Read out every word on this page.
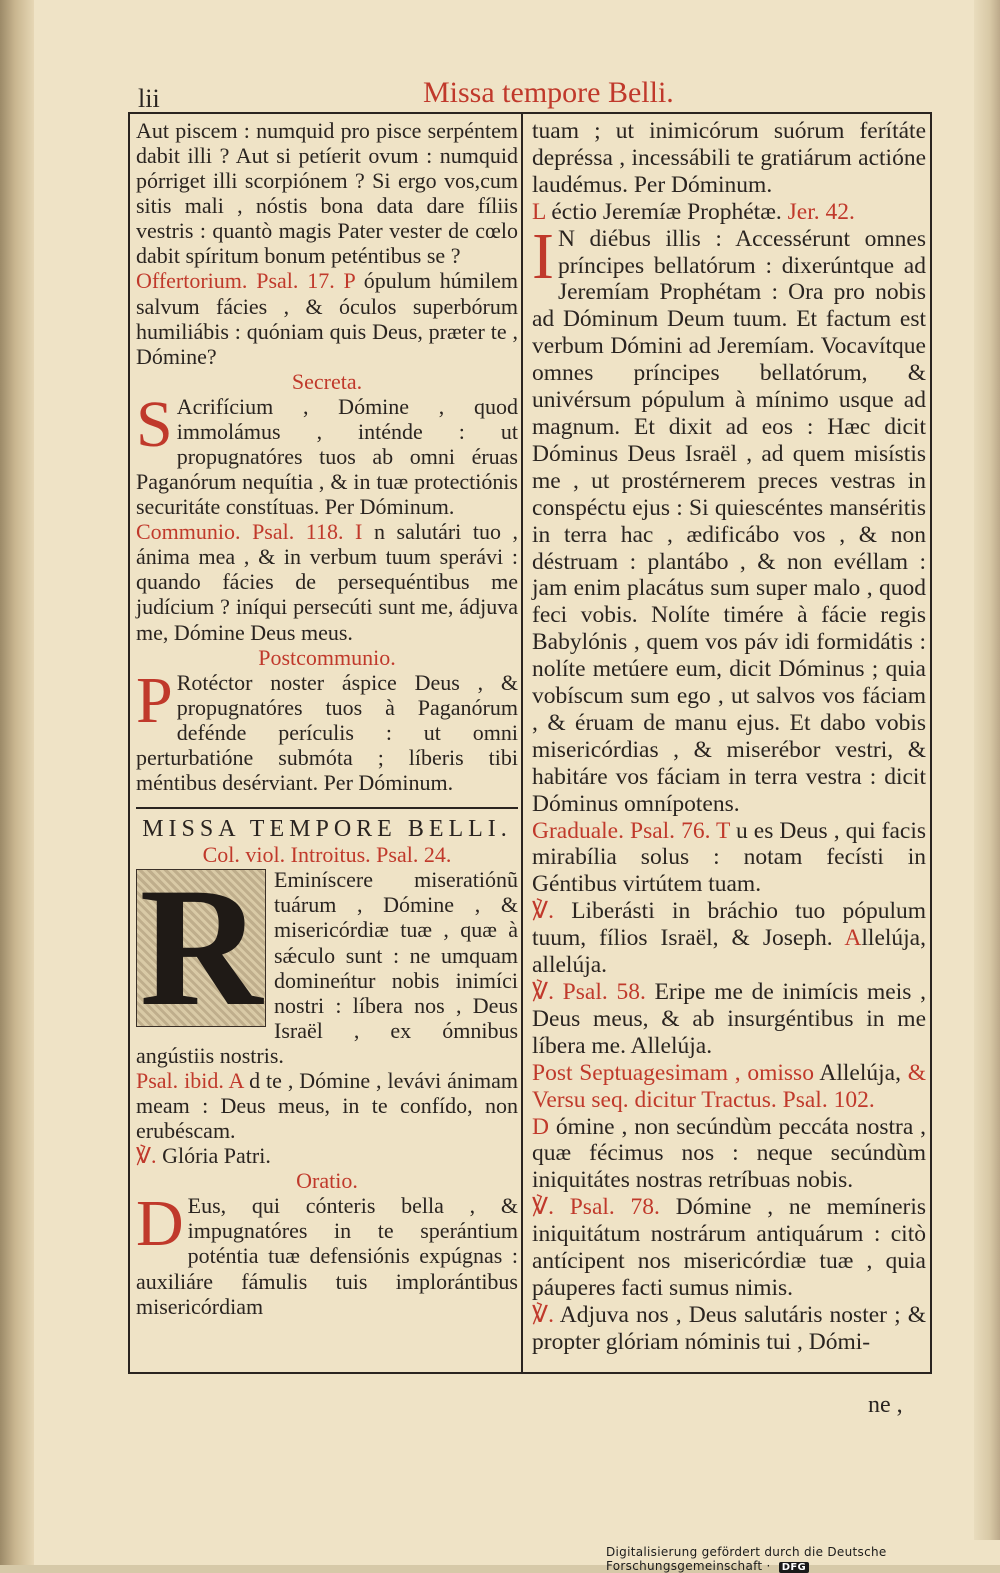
lii	Missa tempore Belli.

Aut piscem : numquid pro pisce serpéntem dabit illi ? Aut si petíerit ovum : numquid pórriget illi scorpiónem ? Si ergo vos,cum sitis mali , nóstis bona data dare fíliis vestris : quantò magis Pater vester de cœlo dabit spíritum bonum peténtibus se ?

Offertorium. Psal. 17. P ópulum húmilem salvum fácies , & óculos superbórum humiliábis : quóniam quis Deus, præter te , Dómine?

Secreta.

S Acrifícium , Dómine , quod immolámus , inténde : ut propugnatóres tuos ab omni éruas Paganórum nequítia , & in tuæ protectiónis securitáte constítuas. Per Dóminum.

Communio. Psal. 118. I n salutári tuo , ánima mea , & in verbum tuum sperávi : quando fácies de persequéntibus me judícium ? iníqui persecúti sunt me, ádjuva me, Dómine Deus meus.

Postcommunio.

P Rotéctor noster áspice Deus , & propugnatóres tuos à Paganórum defénde perículis : ut omni perturbatióne submóta ; líberis tibi méntibus desérviant. Per Dóminum.

MISSA TEMPORE BELLI.

Col. viol. Introitus. Psal. 24.

R Eminíscere miseratiónũ tuárum , Dómine , & misericórdiæ tuæ , quæ à sǽculo sunt : ne umquam domineńtur nobis inimíci nostri : líbera nos , Deus Israël , ex ómnibus angústiis nostris.

Psal. ibid. A d te , Dómine , levávi ánimam meam : Deus meus, in te confído, non erubéscam.

℣. Glória Patri.

Oratio.

D Eus, qui cónteris bella , & impugnatóres in te sperántium poténtia tuæ defensiónis expúgnas : auxiliáre fámulis tuis implorántibus misericórdiam

tuam ; ut inimicórum suórum ferítáte depréssa , incessábili te gratiárum actióne laudémus. Per Dóminum.

L éctio Jeremíæ Prophétæ. Jer. 42.

I N diébus illis : Accessérunt omnes príncipes bellatórum : dixerúntque ad Jeremíam Prophétam : Ora pro nobis ad Dóminum Deum tuum. Et factum est verbum Dómini ad Jeremíam. Vocavítque omnes príncipes bellatórum, & univérsum pópulum à mínimo usque ad magnum. Et dixit ad eos : Hæc dicit Dóminus Deus Israël , ad quem misístis me , ut prostérnerem preces vestras in conspéctu ejus : Si quiescéntes manséritis in terra hac , ædificábo vos , & non déstruam : plantábo , & non evéllam : jam enim placátus sum super malo , quod feci vobis. Nolíte timére à fácie regis Babylónis , quem vos páv idi formidátis : nolíte metúere eum, dicit Dóminus ; quia vobíscum sum ego , ut salvos vos fáciam , & éruam de manu ejus. Et dabo vobis misericórdias , & miserébor vestri, & habitáre vos fáciam in terra vestra : dicit Dóminus omnípotens.

Graduale. Psal. 76. T u es Deus , qui facis mirabília solus : notam fecísti in Géntibus virtútem tuam.

℣. Liberásti in bráchio tuo pópulum tuum, fílios Israël, & Joseph. Allelúja, allelúja.

℣. Psal. 58. Eripe me de inimícis meis , Deus meus, & ab insurgéntibus in me líbera me. Allelúja.

Post Septuagesimam , omisso Allelúja, & Versu seq. dicitur Tractus. Psal. 102.

D ómine , non secúndùm peccáta nostra , quæ fécimus nos : neque secúndùm iniquitátes nostras retríbuas nobis.

℣. Psal. 78. Dómine , ne memíneris iniquitátum nostrárum antiquárum : citò antícipent nos misericórdiæ tuæ , quia páuperes facti sumus nimis.

℣. Adjuva nos , Deus salutáris noster ; & propter glóriam nóminis tui , Dómi-

ne ,
Digitalisierung gefördert durch die Deutsche Forschungsgemeinschaft · DFG
